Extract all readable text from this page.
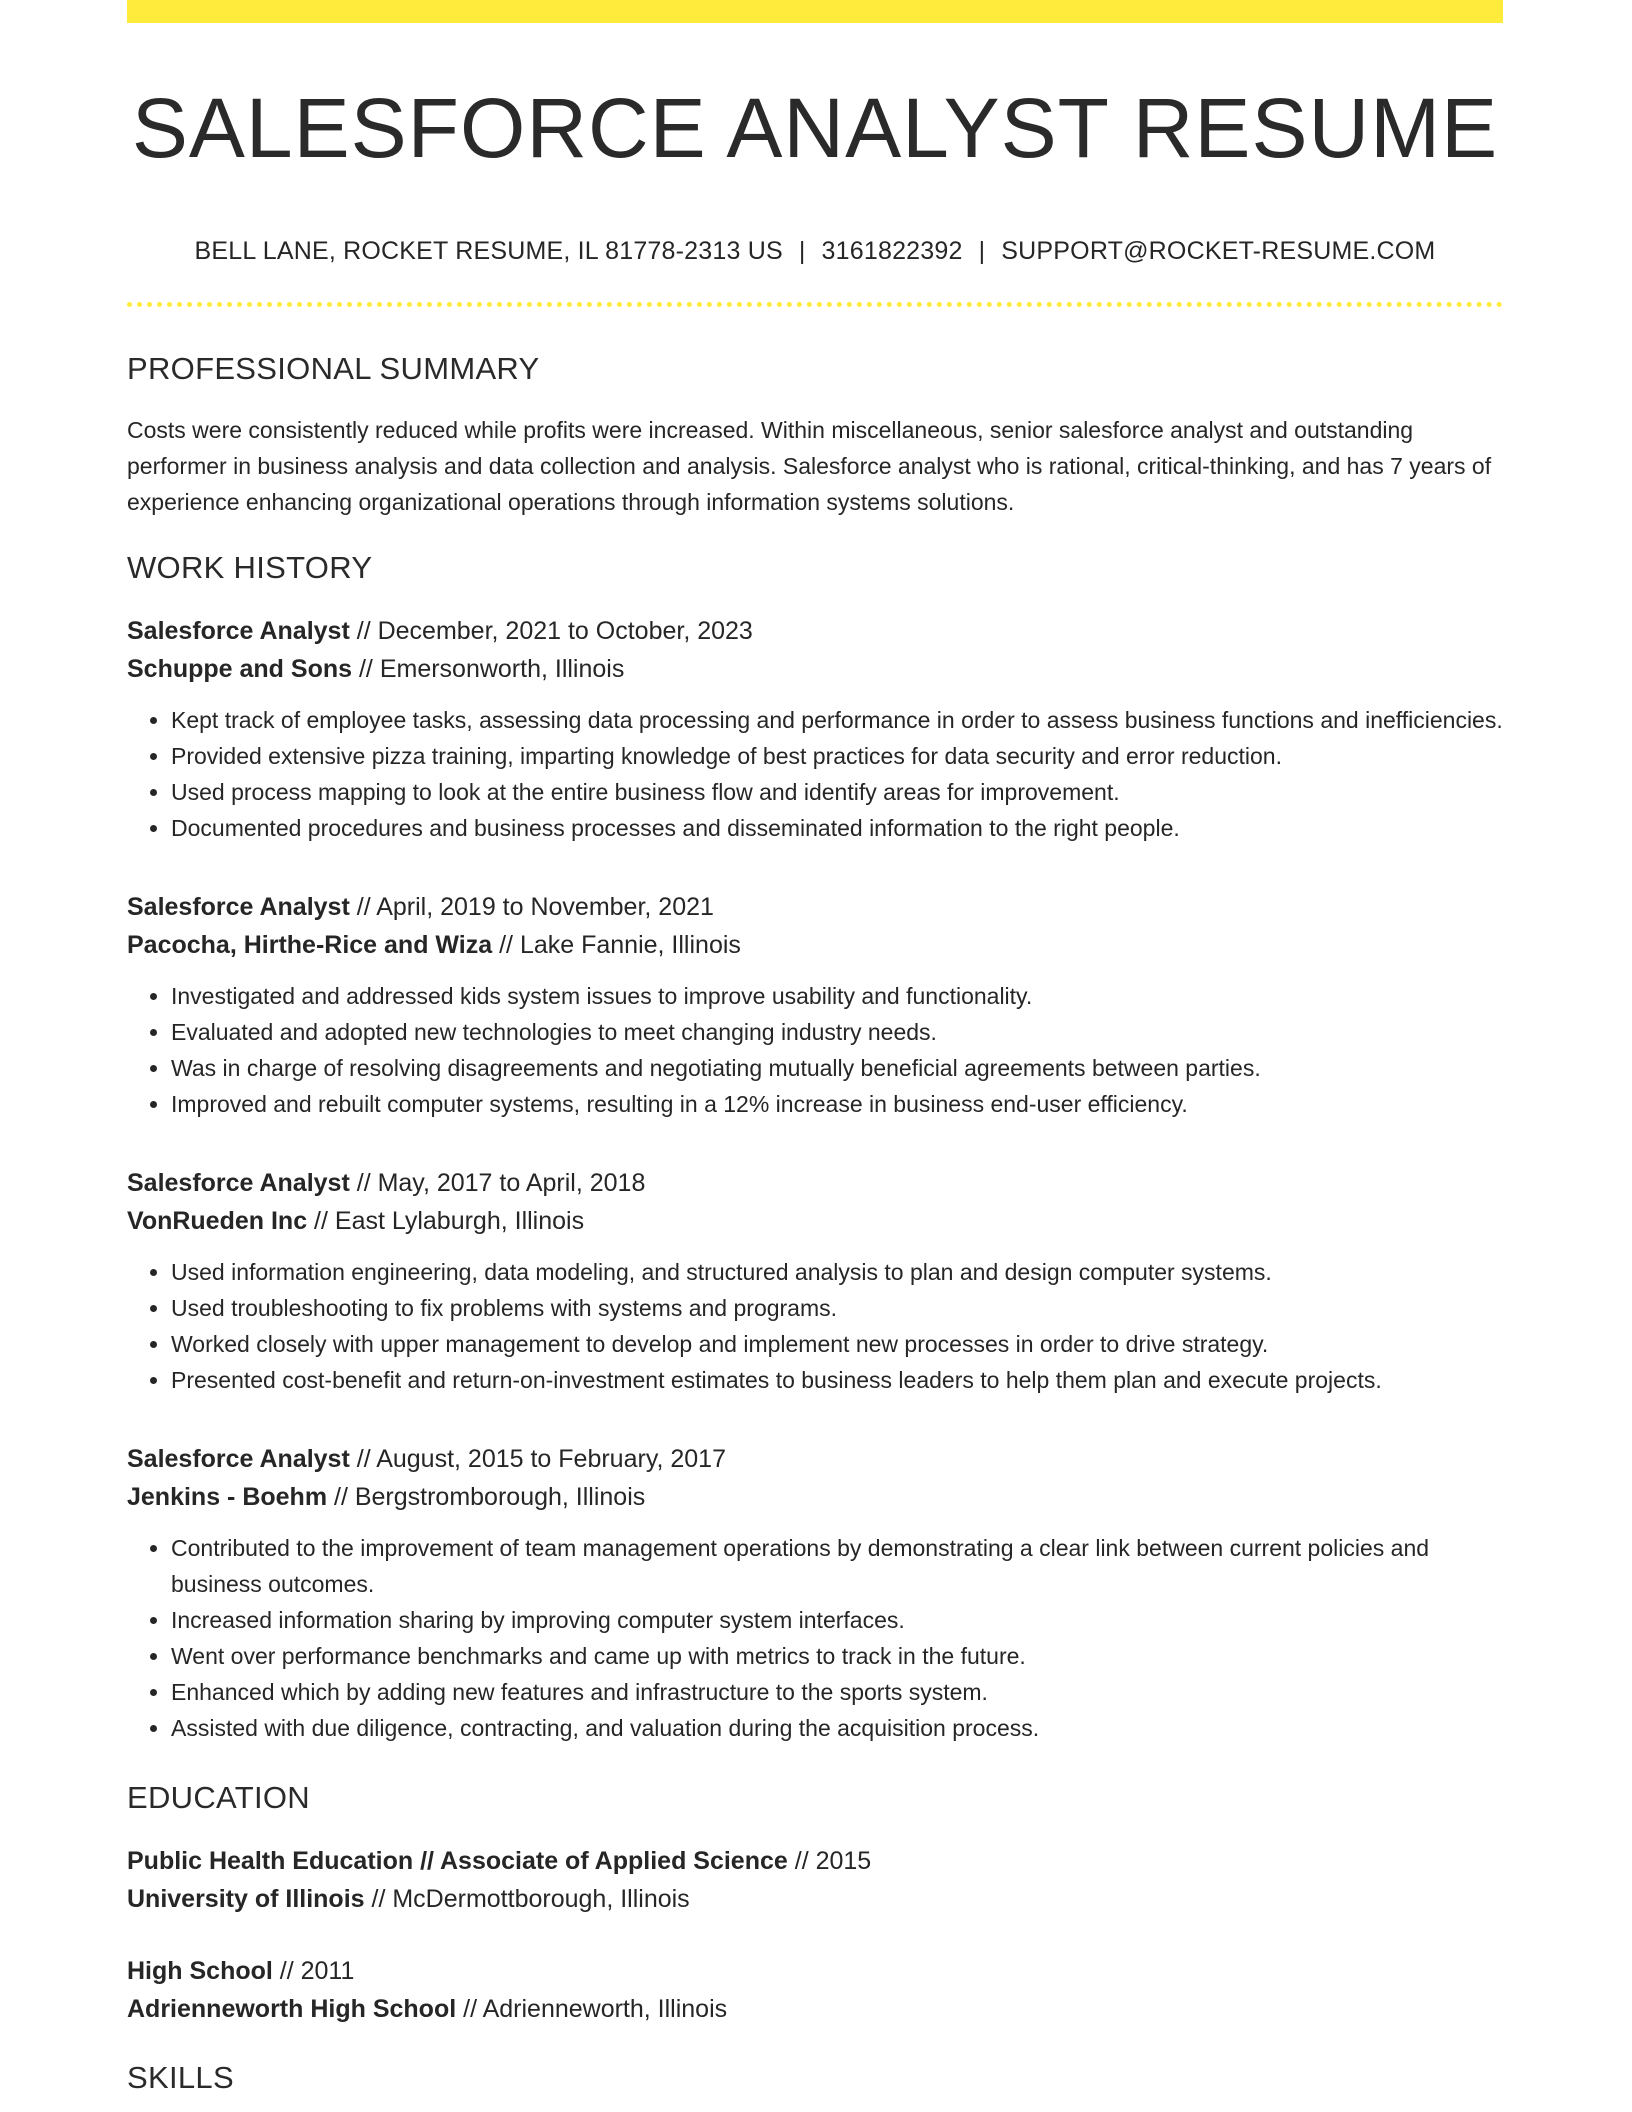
SALESFORCE ANALYST RESUME
BELL LANE, ROCKET RESUME, IL 81778-2313 US | 3161822392 | SUPPORT@ROCKET-RESUME.COM
PROFESSIONAL SUMMARY
Costs were consistently reduced while profits were increased. Within miscellaneous, senior salesforce analyst and outstanding performer in business analysis and data collection and analysis. Salesforce analyst who is rational, critical-thinking, and has 7 years of experience enhancing organizational operations through information systems solutions.
WORK HISTORY
Salesforce Analyst // December, 2021 to October, 2023
Schuppe and Sons // Emersonworth, Illinois
• Kept track of employee tasks, assessing data processing and performance in order to assess business functions and inefficiencies.
• Provided extensive pizza training, imparting knowledge of best practices for data security and error reduction.
• Used process mapping to look at the entire business flow and identify areas for improvement.
• Documented procedures and business processes and disseminated information to the right people.
Salesforce Analyst // April, 2019 to November, 2021
Pacocha, Hirthe-Rice and Wiza // Lake Fannie, Illinois
• Investigated and addressed kids system issues to improve usability and functionality.
• Evaluated and adopted new technologies to meet changing industry needs.
• Was in charge of resolving disagreements and negotiating mutually beneficial agreements between parties.
• Improved and rebuilt computer systems, resulting in a 12% increase in business end-user efficiency.
Salesforce Analyst // May, 2017 to April, 2018
VonRueden Inc // East Lylaburgh, Illinois
• Used information engineering, data modeling, and structured analysis to plan and design computer systems.
• Used troubleshooting to fix problems with systems and programs.
• Worked closely with upper management to develop and implement new processes in order to drive strategy.
• Presented cost-benefit and return-on-investment estimates to business leaders to help them plan and execute projects.
Salesforce Analyst // August, 2015 to February, 2017
Jenkins - Boehm // Bergstromborough, Illinois
• Contributed to the improvement of team management operations by demonstrating a clear link between current policies and business outcomes.
• Increased information sharing by improving computer system interfaces.
• Went over performance benchmarks and came up with metrics to track in the future.
• Enhanced which by adding new features and infrastructure to the sports system.
• Assisted with due diligence, contracting, and valuation during the acquisition process.
EDUCATION
Public Health Education // Associate of Applied Science // 2015
University of Illinois // McDermottborough, Illinois
High School // 2011
Adrienneworth High School // Adrienneworth, Illinois
SKILLS
